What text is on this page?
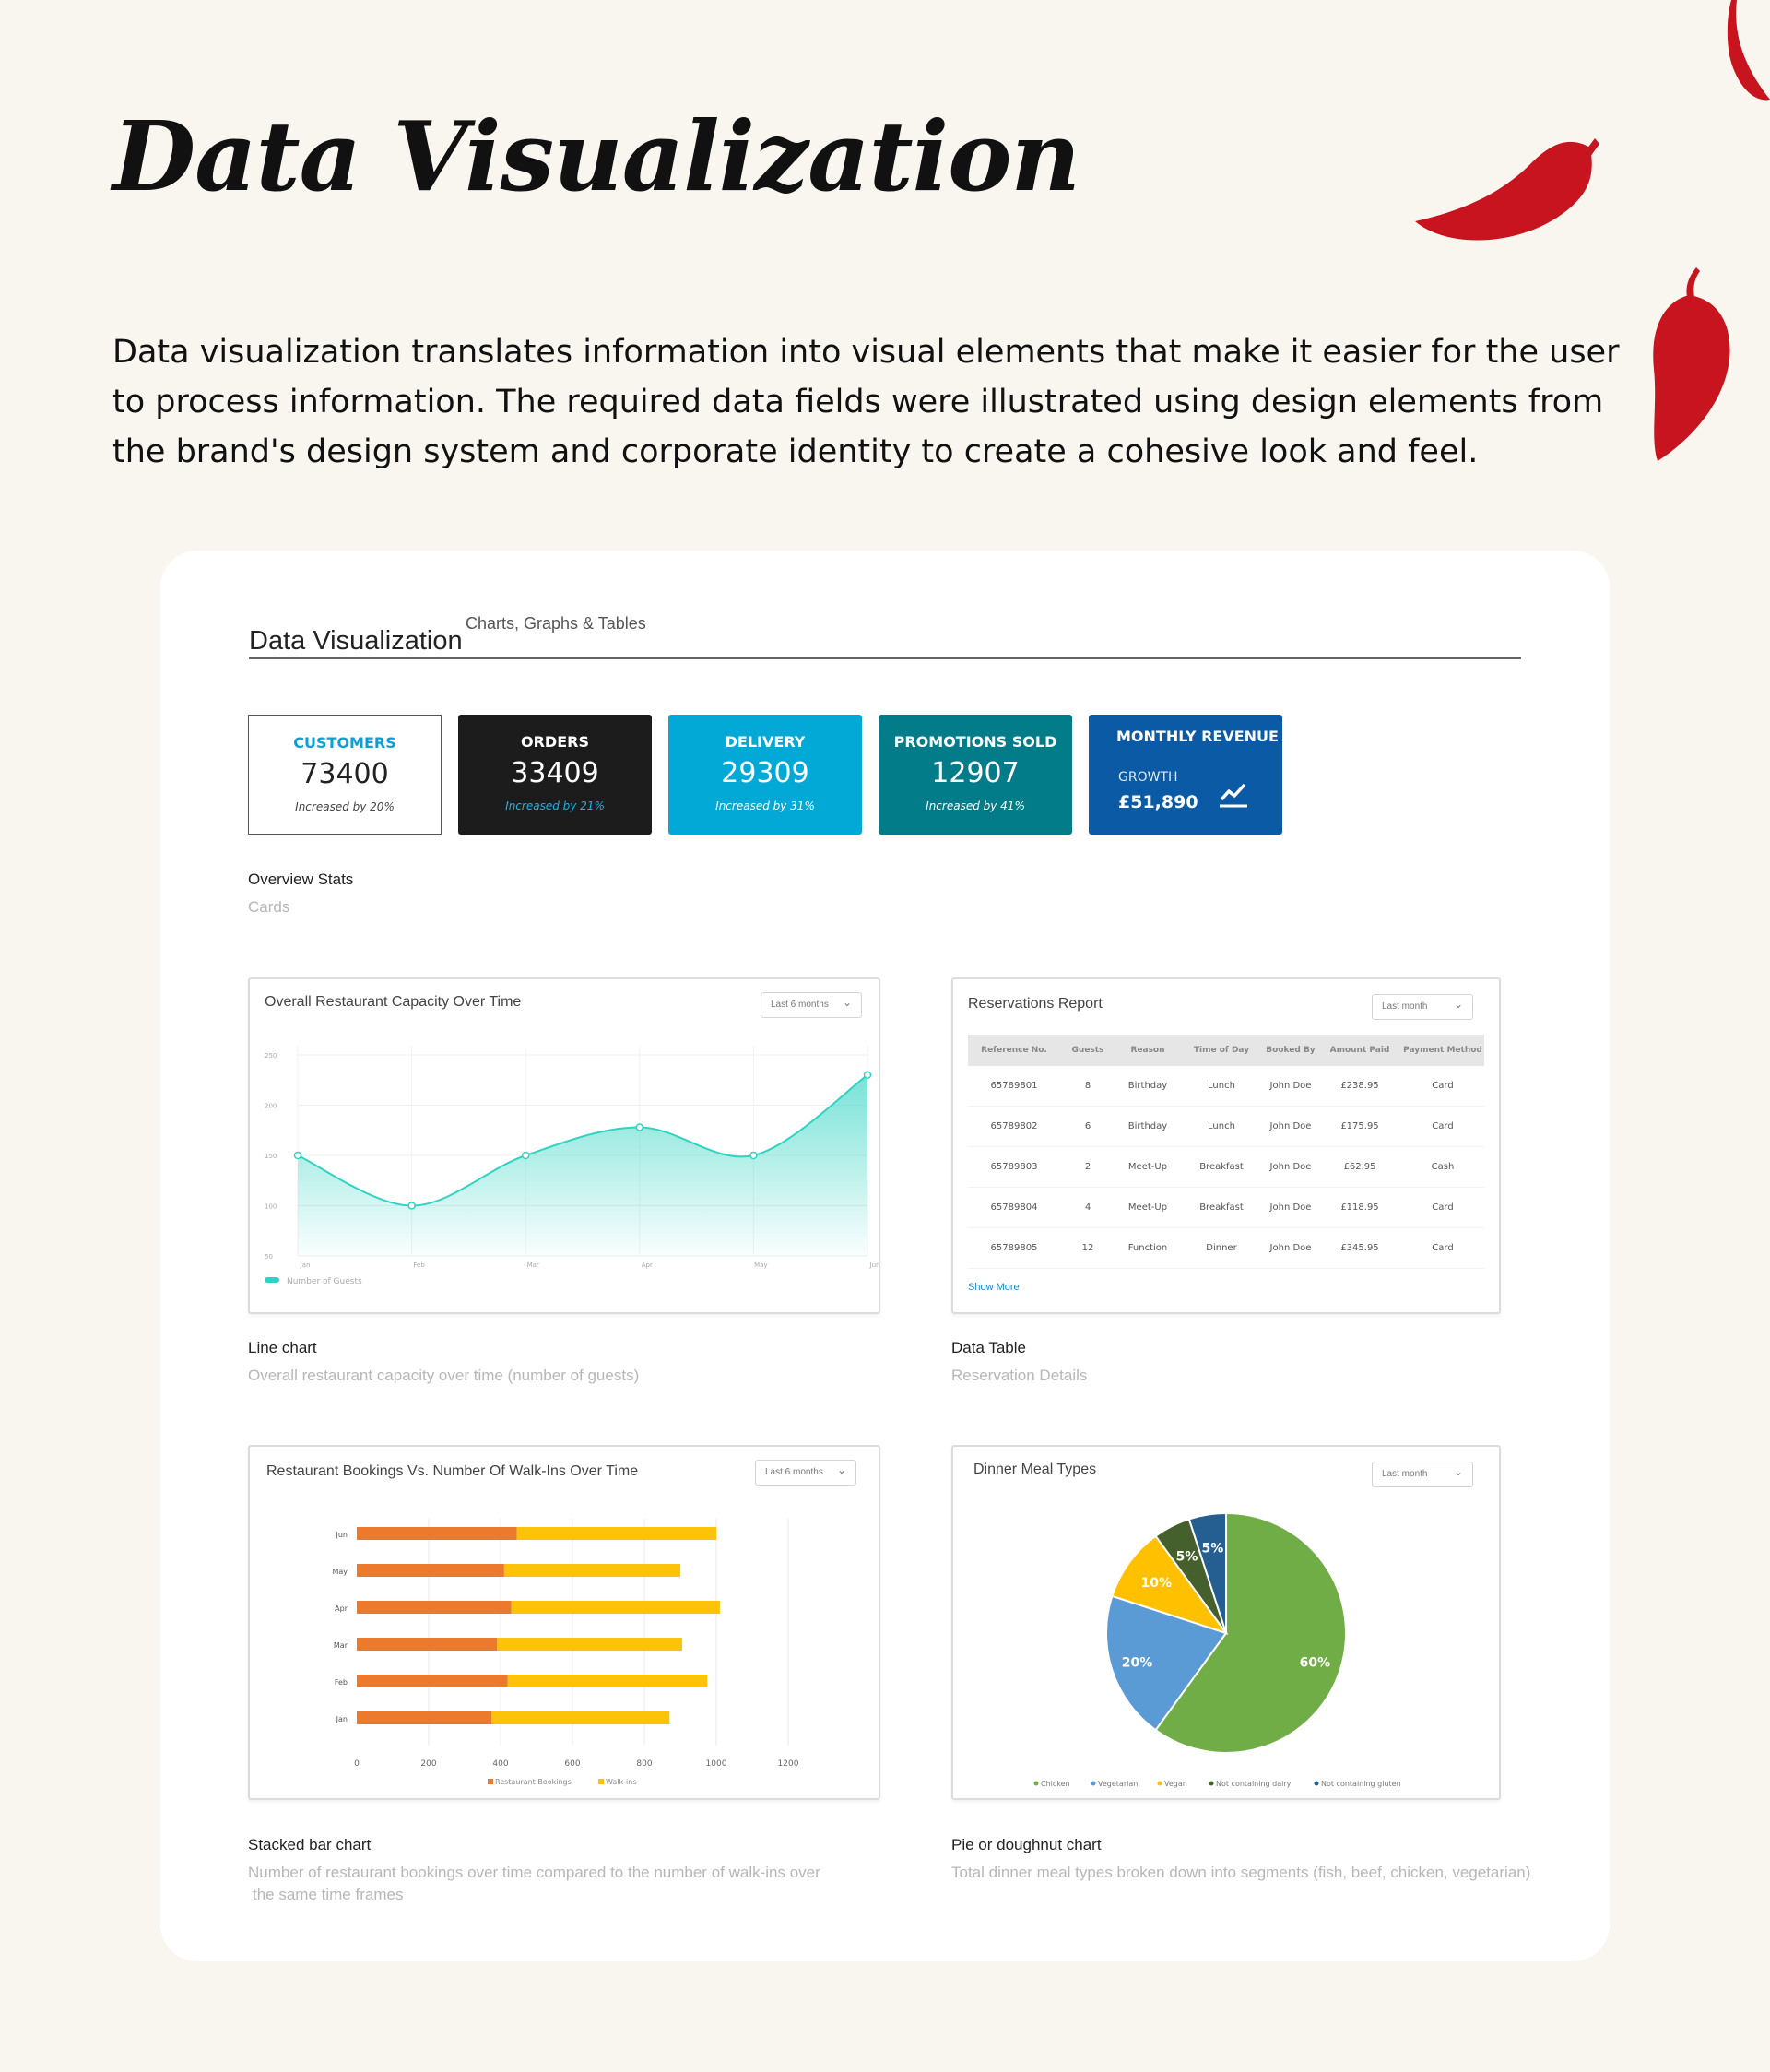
Data Visualization
Data visualization translates information into visual elements that make it easier for the user to process information. The required data fields were illustrated using design elements from the brand's design system and corporate identity to create a cohesive look and feel.
Data Visualization
Charts, Graphs & Tables
CUSTOMERS
73400
Increased by 20%
ORDERS
33409
Increased by 21%
DELIVERY
29309
Increased by 31%
PROMOTIONS SOLD
12907
Increased by 41%
MONTHLY REVENUE
GROWTH
£51,890
Overview Stats
Cards
Overall Restaurant Capacity Over Time	Last 6 months ⌄
50
100
150
200
250
Jan	Feb	Mar	Apr	May	Jun
Number of Guests
Line chart
Overall restaurant capacity over time (number of guests)
Reservations Report	Last month ⌄
Reference No.	Guests	Reason	Time of Day	Booked By	Amount Paid	Payment Method
65789801	8	Birthday	Lunch	John Doe	£238.95	Card
65789802	6	Birthday	Lunch	John Doe	£175.95	Card
65789803	2	Meet-Up	Breakfast	John Doe	£62.95	Cash
65789804	4	Meet-Up	Breakfast	John Doe	£118.95	Card
65789805	12	Function	Dinner	John Doe	£345.95	Card
Show More
Data Table
Reservation Details
Restaurant Bookings Vs. Number Of Walk-Ins Over Time	Last 6 months ⌄
0	200	400	600	800	1000	1200
Jun
May
Apr
Mar
Feb
Jan
Restaurant Bookings	Walk-ins
Stacked bar chart
Number of restaurant bookings over time compared to the number of walk-ins over
the same time frames
Dinner Meal Types	Last month ⌄
60%
20%
10%
5%
5%
Chicken	Vegetarian	Vegan	Not containing dairy	Not containing gluten
Pie or doughnut chart
Total dinner meal types broken down into segments (fish, beef, chicken, vegetarian)
